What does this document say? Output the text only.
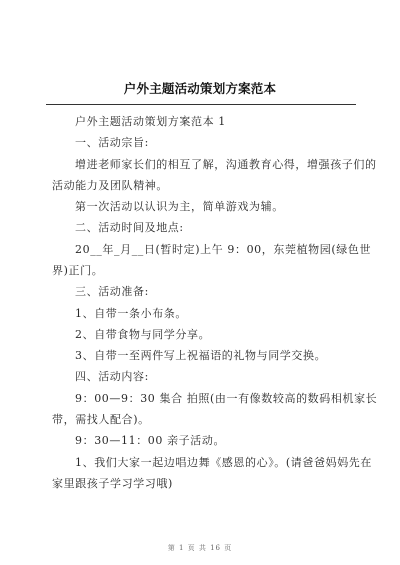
户外主题活动策划方案范本
户外主题活动策划方案范本 1
一、活动宗旨:
增进老师家长们的相互了解，沟通教育心得，增强孩子们的
活动能力及团队精神。
第一次活动以认识为主，简单游戏为辅。
二、活动时间及地点:
20__年_月__日(暂时定)上午 9：00，东莞植物园(绿色世
界)正门。
三、活动准备:
1、自带一条小布条。
2、自带食物与同学分享。
3、自带一至两件写上祝福语的礼物与同学交换。
四、活动内容:
9：00—9：30 集合 拍照(由一有像数较高的数码相机家长
带，需找人配合)。
9：30—11：00 亲子活动。
1、我们大家一起边唱边舞《感恩的心》。(请爸爸妈妈先在
家里跟孩子学习学习哦)
第 1 页 共 16 页
